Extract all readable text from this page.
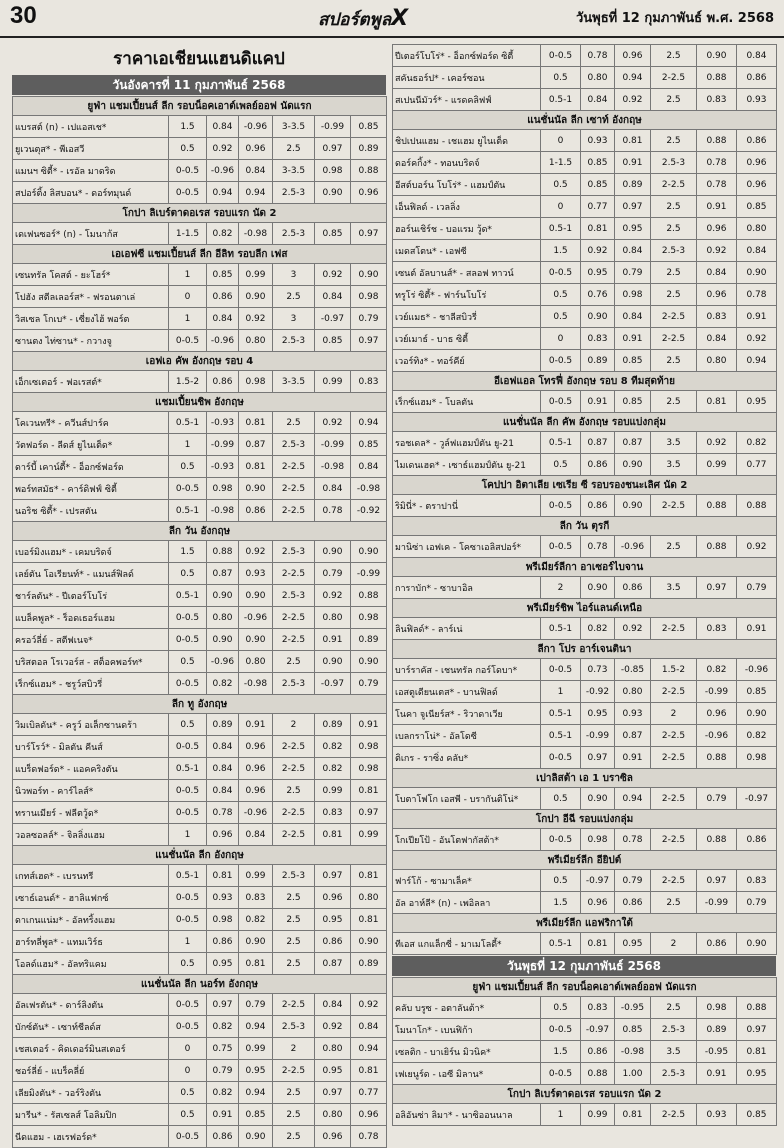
30	สปอร์ตพูลX	วันพุธที่ 12 กุมภาพันธ์ พ.ศ. 2568
ราคาเอเชียนแฮนดิแคป
วันอังคารที่ 11 กุมภาพันธ์ 2568
ยูฟ่า แชมเปี้ยนส์ ลีก รอบน็อคเอาต์เพลย์ออฟ นัดแรก						
แบรสต์ (n) - เปแอสเช*	1.5	0.84	-0.96	3-3.5	-0.99	0.85
ยูเวนตุส* - พีเอสวี	0.5	0.92	0.96	2.5	0.97	0.89
แมนฯ ซิตี้* - เรอัล มาดริด	0-0.5	-0.96	0.84	3-3.5	0.98	0.88
สปอร์ติ้ง ลิสบอน* - ดอร์ทมุนด์	0-0.5	0.94	0.94	2.5-3	0.90	0.96
โกปา ลิเบร์ตาดอเรส รอบแรก นัด 2						
เดเฟนซอร์* (n) - โมนาก้ส	1-1.5	0.82	-0.98	2.5-3	0.85	0.97
เอเอฟซี แชมเปี้ยนส์ ลีก อีลิท รอบลีก เฟส						
เซนทรัล โคสต์ - ยะโฮร์*	1	0.85	0.99	3	0.92	0.90
โปฮัง สตีลเลอร์ส* - ฟรอนตาเล่	0	0.86	0.90	2.5	0.84	0.98
วิสเซล โกเบ* - เซี่ยงไฮ้ พอร์ต	1	0.84	0.92	3	-0.97	0.79
ซานตง ไท่ซาน* - กวางจู	0-0.5	-0.96	0.80	2.5-3	0.85	0.97
เอฟเอ คัพ อังกฤษ รอบ 4						
เอ็กเซเตอร์ - ฟอเรสต์*	1.5-2	0.86	0.98	3-3.5	0.99	0.83
แชมเปี้ยนชิพ อังกฤษ						
โคเวนทรี* - ควีนส์ปาร์ค	0.5-1	-0.93	0.81	2.5	0.92	0.94
วัตฟอร์ด - ลีดส์ ยูไนเต็ด*	1	-0.99	0.87	2.5-3	-0.99	0.85
ดาร์บี้ เคาน์ตี้* - อ็อกซ์ฟอร์ด	0.5	-0.93	0.81	2-2.5	-0.98	0.84
พอร์ทสมัธ* - คาร์ดิฟฟ์ ซิตี้	0-0.5	0.98	0.90	2-2.5	0.84	-0.98
นอริช ซิตี้* - เปรสตัน	0.5-1	-0.98	0.86	2-2.5	0.78	-0.92
ลีก วัน อังกฤษ						
เบอร์มิงแฮม* - เคมบริดจ์	1.5	0.88	0.92	2.5-3	0.90	0.90
เลย์ตัน โอเรียนท์* - แมนส์ฟิลด์	0.5	0.87	0.93	2-2.5	0.79	-0.99
ชาร์ลตัน* - ปีเตอร์โบโร่	0.5-1	0.90	0.90	2.5-3	0.92	0.88
แบล็คพูล* - ร็อดเธอร์แฮม	0-0.5	0.80	-0.96	2-2.5	0.80	0.98
ครอว์ลี่ย์ - สตีฟเนจ*	0-0.5	0.90	0.90	2-2.5	0.91	0.89
บริสตอล โรเวอร์ส - สต็อคพอร์ท*	0.5	-0.96	0.80	2.5	0.90	0.90
เร็กซ์แฮม* - ชรูว์สบิวรี่	0-0.5	0.82	-0.98	2.5-3	-0.97	0.79
ลีก ทู อังกฤษ						
วิมเบิลดัน* - ครูว์ อเล็กซานดร้า	0.5	0.89	0.91	2	0.89	0.91
บาร์โรว์* - มิลตัน คีนส์	0-0.5	0.84	0.96	2-2.5	0.82	0.98
แบร็ดฟอร์ด* - แอคคริงตัน	0.5-1	0.84	0.96	2-2.5	0.82	0.98
นิวพอร์ท - คาร์ไลส์*	0-0.5	0.84	0.96	2.5	0.99	0.81
ทรานเมียร์ - ฟลีตวู้ด*	0-0.5	0.78	-0.96	2-2.5	0.83	0.97
วอลซอลล์* - จิลลิ่งแฮม	1	0.96	0.84	2-2.5	0.81	0.99
แนชั่นนัล ลีก อังกฤษ						
เกทส์เฮด* - เบรนทรี	0.5-1	0.81	0.99	2.5-3	0.97	0.81
เซาธ์เอนด์* - ฮาลิแฟกซ์	0-0.5	0.93	0.83	2.5	0.96	0.80
ดาเกนแน่ม* - อัลทริ้งแฮม	0-0.5	0.98	0.82	2.5	0.95	0.81
ฮาร์ทลี่พูล* - แทมเวิร์ธ	1	0.86	0.90	2.5	0.86	0.90
โอลด์แฮม* - อัลทริแคม	0.5	0.95	0.81	2.5	0.87	0.89
แนชั่นนัล ลีก นอร์ท อังกฤษ						
อัลเฟรตัน* - ดาร์ลิงตัน	0-0.5	0.97	0.79	2-2.5	0.84	0.92
บักซ์ตัน* - เซาท์ชีลด์ส	0-0.5	0.82	0.94	2.5-3	0.92	0.84
เชสเตอร์ - คิดเดอร์มินสเตอร์	0	0.75	0.99	2	0.80	0.94
ชอร์ลี่ย์ - แบร็คลี่ย์	0	0.79	0.95	2-2.5	0.95	0.81
เลียมิงตัน* - วอร์ริงตัน	0.5	0.82	0.94	2.5	0.97	0.77
มารีน* - รัสเซลส์ โอลิมปิก	0.5	0.91	0.85	2.5	0.80	0.96
นีดแฮม - เฮเรฟอร์ด*	0-0.5	0.86	0.90	2.5	0.96	0.78
ปีเตอร์โบโร่* - อ็อกซ์ฟอร์ด ซิตี้	0-0.5	0.78	0.96	2.5	0.90	0.84
สคันธอร์ป* - เคอร์ซอน	0.5	0.80	0.94	2-2.5	0.88	0.86
สเปนนีมัวร์* - แรดคลิฟฟ์	0.5-1	0.84	0.92	2.5	0.83	0.93
แนชั่นนัล ลีก เซาท์ อังกฤษ						
ชิปเปนแฮม - เชแฮม ยูไนเต็ด	0	0.93	0.81	2.5	0.88	0.86
ดอร์คกิ้ง* - ทอนบริดจ์	1-1.5	0.85	0.91	2.5-3	0.78	0.96
อีสต์บอร์น โบโร่* - แฮมป์ตัน	0.5	0.85	0.89	2-2.5	0.78	0.96
เอ็นฟิลด์ - เวลลิ่ง	0	0.77	0.97	2.5	0.91	0.85
ฮอร์นเชิร์ช - บอแรม วู้ด*	0.5-1	0.81	0.95	2.5	0.96	0.80
เมดสโตน* - เอฟซี	1.5	0.92	0.84	2.5-3	0.92	0.84
เซนต์ อัลบานส์* - สลอฟ ทาวน์	0-0.5	0.95	0.79	2.5	0.84	0.90
ทรูโร่ ซิตี้* - ฟาร์นโบโร่	0.5	0.76	0.98	2.5	0.96	0.78
เวย์แมธ* - ชาลีสบิวรี่	0.5	0.90	0.84	2-2.5	0.83	0.91
เวย์เมาธ์ - บาธ ซิตี้	0	0.83	0.91	2-2.5	0.84	0.92
เวอร์ทิง* - ทอร์คีย์	0-0.5	0.89	0.85	2.5	0.80	0.94
อีเอฟแอล โทรฟี่ อังกฤษ รอบ 8 ทีมสุดท้าย						
เร็กซ์แฮม* - โบลตัน	0-0.5	0.91	0.85	2.5	0.81	0.95
แนชั่นนัล ลีก คัพ อังกฤษ รอบแบ่งกลุ่ม						
รอชเดล* - วูล์ฟแฮมป์ตัน ยู-21	0.5-1	0.87	0.87	3.5	0.92	0.82
ไมเดนเฮด* - เซาธ์แฮมป์ตัน ยู-21	0.5	0.86	0.90	3.5	0.99	0.77
โคปปา อิตาเลีย เซเรีย ซี รอบรองชนะเลิศ นัด 2						
ริมินี่* - ตราปานี่	0-0.5	0.86	0.90	2-2.5	0.88	0.88
ลีก วัน ตุรกี						
มานิซ่า เอฟเค - โคซาเอลิสปอร์*	0-0.5	0.78	-0.96	2.5	0.88	0.92
พรีเมียร์ลีกา อาเซอร์ไบจาน						
การาบัก* - ซาบาอิล	2	0.90	0.86	3.5	0.97	0.79
พรีเมียร์ชิพ ไอร์แลนด์เหนือ						
ลินฟิลด์* - ลาร์เน่	0.5-1	0.82	0.92	2-2.5	0.83	0.91
ลีกา โปร อาร์เจนตินา						
บาร์ราคัส - เชนทรัล กอร์โดบา*	0-0.5	0.73	-0.85	1.5-2	0.82	-0.96
เอสตูเดียนเตส* - บานฟิลด์	1	-0.92	0.80	2-2.5	-0.99	0.85
โนคา จูเนียร์ส* - ริวาดาเวีย	0.5-1	0.95	0.93	2	0.96	0.90
เบลกราโน่* - อัลโดซี	0.5-1	-0.99	0.87	2-2.5	-0.96	0.82
ติเกร - ราซิ่ง คลับ*	0-0.5	0.97	0.91	2-2.5	0.88	0.98
เปาลิสต้า เอ 1 บราซิล						
โบตาโฟโก เอสพี - บรากันติโน่*	0.5	0.90	0.94	2-2.5	0.79	-0.97
โกปา อีฉี รอบแบ่งกลุ่ม						
โกเปียโป้ - อันโตฟากัสต้า*	0-0.5	0.98	0.78	2-2.5	0.88	0.86
พรีเมียร์ลีก อียิปต์						
ฟาร์โก้ - ซามาเล็ค*	0.5	-0.97	0.79	2-2.5	0.97	0.83
อัล อาห์ลี* (n) - เพอิลลา	1.5	0.96	0.86	2.5	-0.99	0.79
พรีเมียร์ลีก แอฟริกาใต้						
ทีเอส แกแล็กซี่ - มาเมโลดี้*	0.5-1	0.81	0.95	2	0.86	0.90
วันพุธที่ 12 กุมภาพันธ์ 2568
ยูฟ่า แชมเปี้ยนส์ ลีก รอบน็อคเอาต์เพลย์ออฟ นัดแรก						
คลับ บรูซ - อตาลันต้า*	0.5	0.83	-0.95	2.5	0.98	0.88
โมนาโก* - เบนฟิก้า	0-0.5	-0.97	0.85	2.5-3	0.89	0.97
เซลติก - บาเยิร์น มิวนิค*	1.5	0.86	-0.98	3.5	-0.95	0.81
เฟเยนูร์ด - เอซี มิลาน*	0-0.5	0.88	1.00	2.5-3	0.91	0.95
โกปา ลิเบร์ตาดอเรส รอบแรก นัด 2						
อลิอันซ่า ลิมา* - นาซิออนนาล	1	0.99	0.81	2-2.5	0.93	0.85
